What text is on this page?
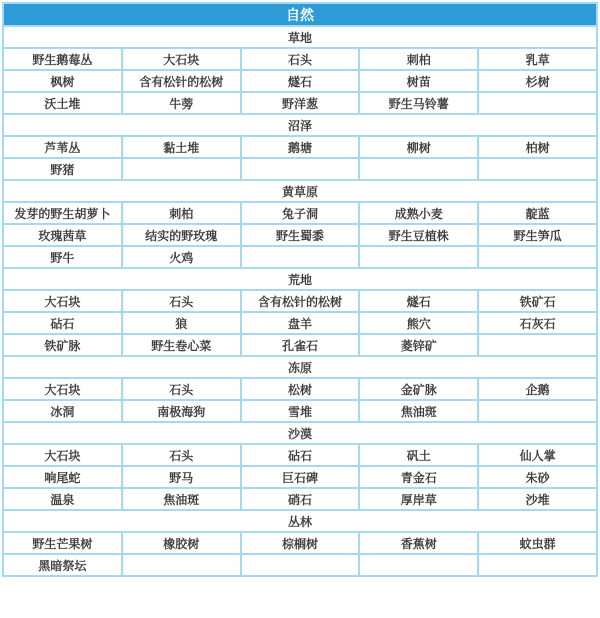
自然				
草地				
野生鹅莓丛	大石块	石头	刺柏	乳草
枫树	含有松针的松树	燧石	树苗	杉树
沃土堆	牛蒡	野洋葱	野生马铃薯	
沼泽				
芦苇丛	黏土堆	鹅塘	柳树	柏树
野猪				
黄草原				
发芽的野生胡萝卜	刺柏	兔子洞	成熟小麦	靛蓝
玫瑰茜草	结实的野玫瑰	野生蜀黍	野生豆植株	野生笋瓜
野牛	火鸡			
荒地				
大石块	石头	含有松针的松树	燧石	铁矿石
砧石	狼	盘羊	熊穴	石灰石
铁矿脉	野生卷心菜	孔雀石	菱锌矿	
冻原				
大石块	石头	松树	金矿脉	企鹅
冰洞	南极海狗	雪堆	焦油斑	
沙漠				
大石块	石头	砧石	矾土	仙人掌
响尾蛇	野马	巨石碑	青金石	朱砂
温泉	焦油斑	硝石	厚岸草	沙堆
丛林				
野生芒果树	橡胶树	棕榈树	香蕉树	蚊虫群
黑暗祭坛				
